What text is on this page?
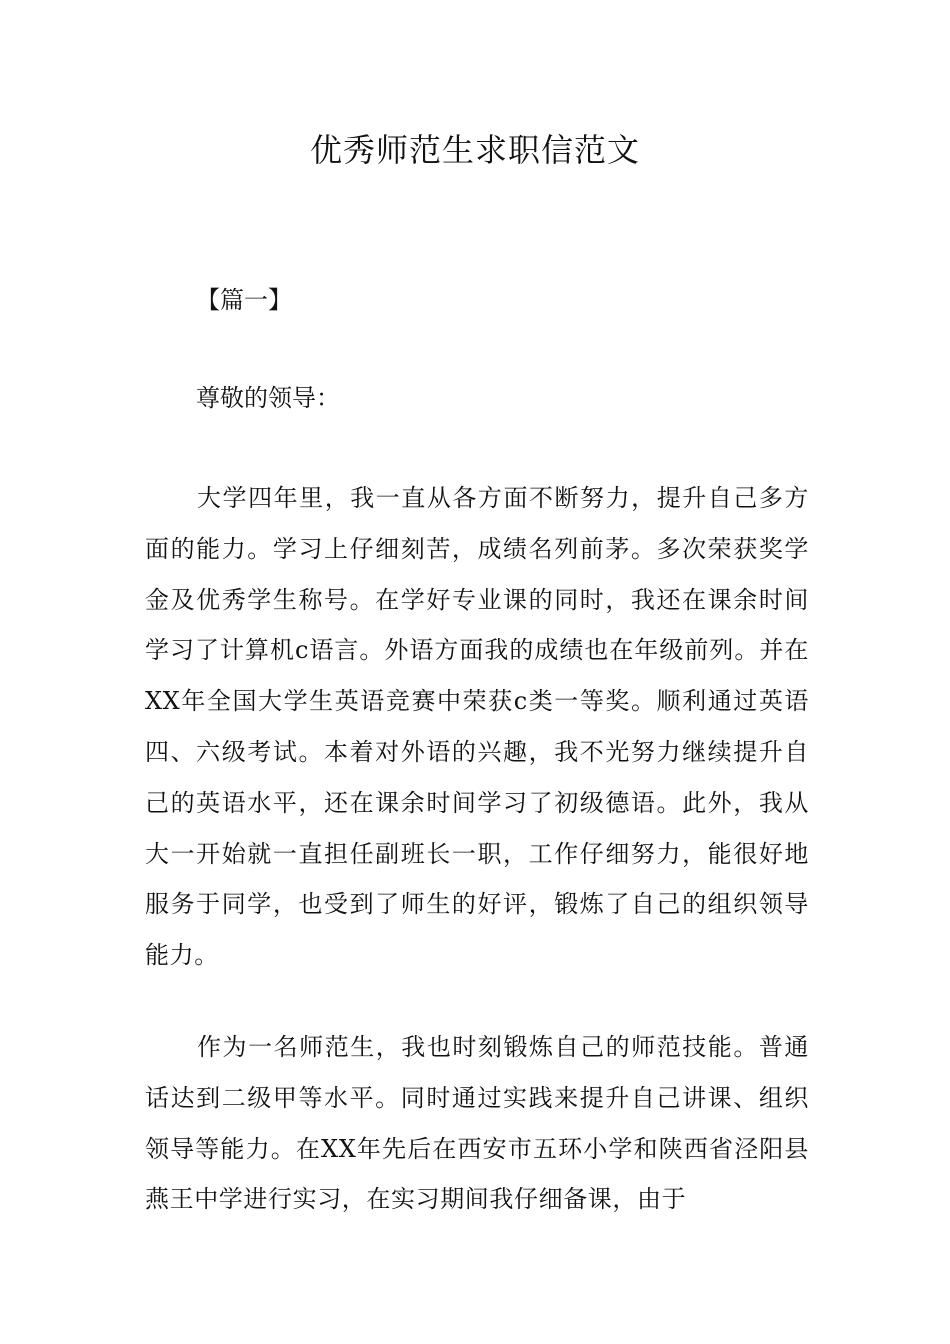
优秀师范生求职信范文
【篇一】
尊敬的领导：

大学四年里，我一直从各方面不断努力，提升自己多方面的能力。学习上仔细刻苦，成绩名列前茅。多次荣获奖学金及优秀学生称号。在学好专业课的同时，我还在课余时间学习了计算机c语言。外语方面我的成绩也在年级前列。并在XX年全国大学生英语竞赛中荣获c类一等奖。顺利通过英语四、六级考试。本着对外语的兴趣，我不光努力继续提升自己的英语水平，还在课余时间学习了初级德语。此外，我从大一开始就一直担任副班长一职，工作仔细努力，能很好地服务于同学，也受到了师生的好评，锻炼了自己的组织领导能力。

作为一名师范生，我也时刻锻炼自己的师范技能。普通话达到二级甲等水平。同时通过实践来提升自己讲课、组织领导等能力。在XX年先后在西安市五环小学和陕西省泾阳县燕王中学进行实习，在实习期间我仔细备课，由于
